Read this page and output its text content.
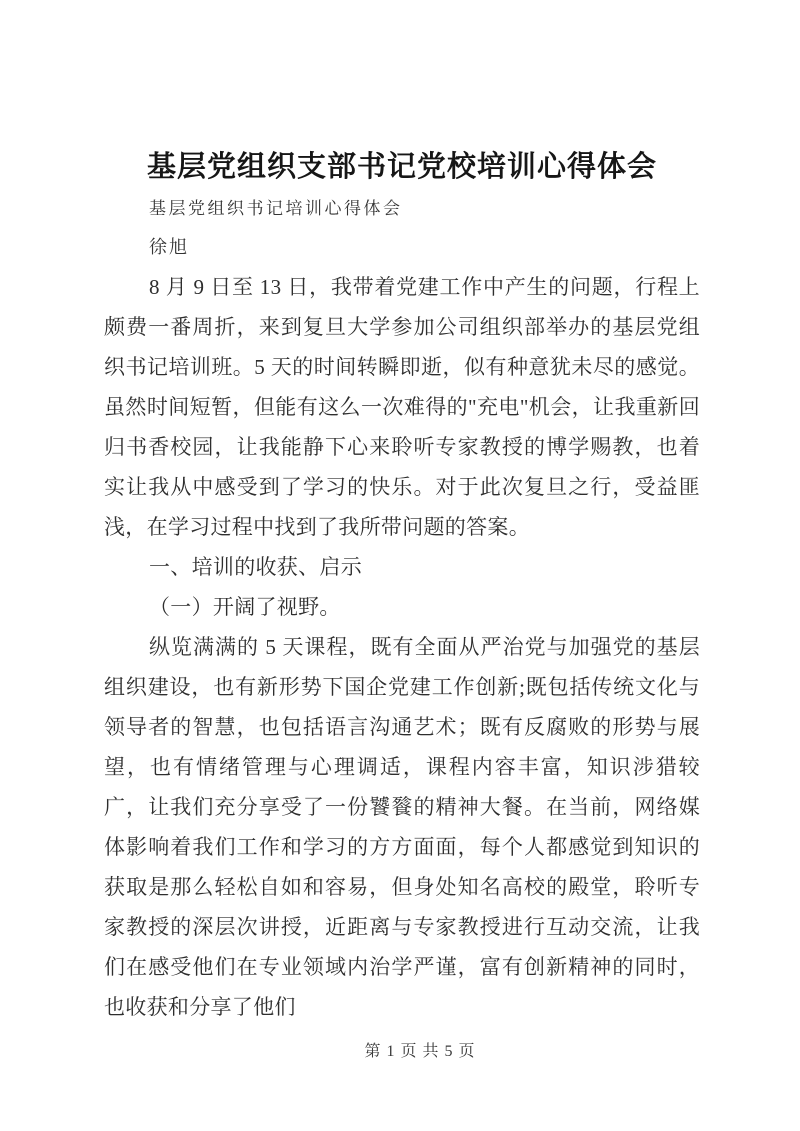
基层党组织支部书记党校培训心得体会
基层党组织书记培训心得体会
徐旭

8 月 9 日至 13 日，我带着党建工作中产生的问题，行程上颇费一番周折，来到复旦大学参加公司组织部举办的基层党组织书记培训班。5 天的时间转瞬即逝，似有种意犹未尽的感觉。虽然时间短暂，但能有这么一次难得的"充电"机会，让我重新回归书香校园，让我能静下心来聆听专家教授的博学赐教，也着实让我从中感受到了学习的快乐。对于此次复旦之行，受益匪浅，在学习过程中找到了我所带问题的答案。

一、培训的收获、启示

（一）开阔了视野。

纵览满满的 5 天课程，既有全面从严治党与加强党的基层组织建设，也有新形势下国企党建工作创新;既包括传统文化与领导者的智慧，也包括语言沟通艺术；既有反腐败的形势与展望，也有情绪管理与心理调适，课程内容丰富，知识涉猎较广，让我们充分享受了一份饕餮的精神大餐。在当前，网络媒体影响着我们工作和学习的方方面面，每个人都感觉到知识的获取是那么轻松自如和容易，但身处知名高校的殿堂，聆听专家教授的深层次讲授，近距离与专家教授进行互动交流，让我们在感受他们在专业领域内治学严谨，富有创新精神的同时，也收获和分享了他们

第 1 页 共 5 页
